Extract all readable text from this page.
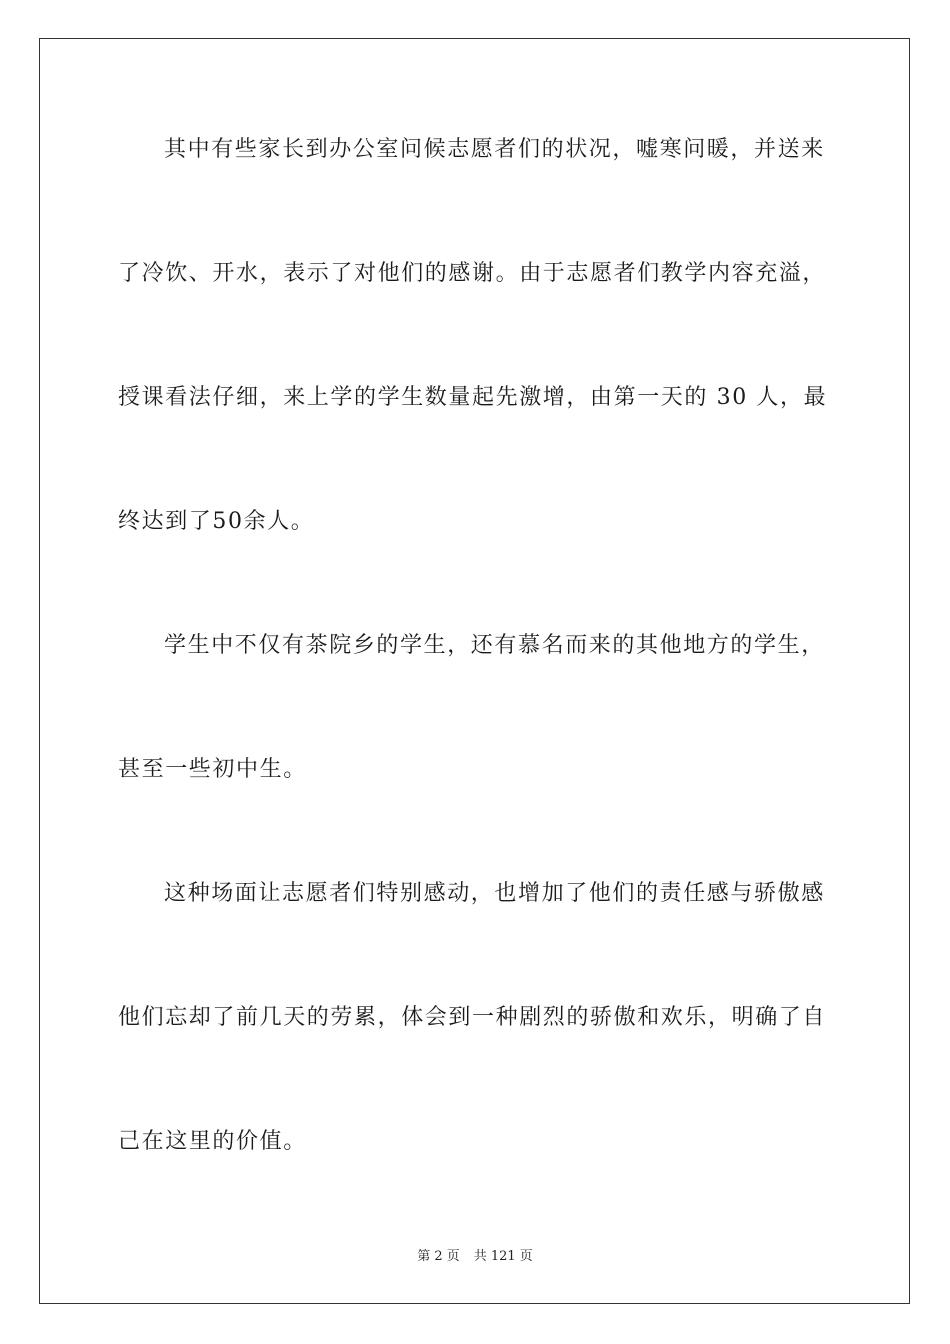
其中有些家长到办公室问候志愿者们的状况，嘘寒问暖，并送来
了冷饮、开水，表示了对他们的感谢。由于志愿者们教学内容充溢，
授课看法仔细，来上学的学生数量起先激增，由第一天的 30 人，最
终达到了50余人。
学生中不仅有茶院乡的学生，还有慕名而来的其他地方的学生，
甚至一些初中生。
这种场面让志愿者们特别感动，也增加了他们的责任感与骄傲感
他们忘却了前几天的劳累，体会到一种剧烈的骄傲和欢乐，明确了自
己在这里的价值。
第 2 页 共 121 页
